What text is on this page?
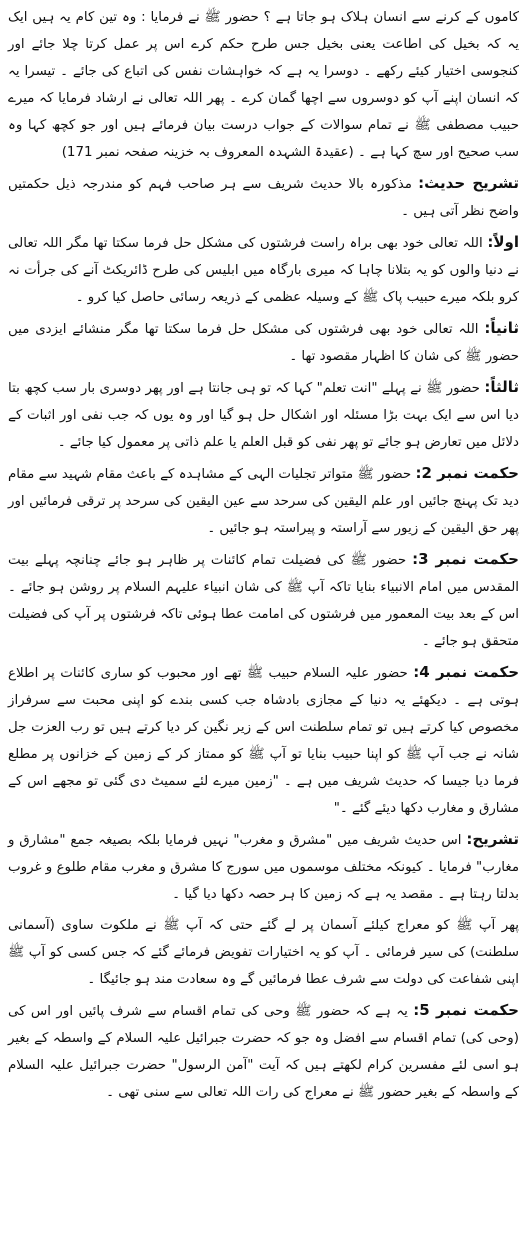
کاموں کے کرنے سے انسان ہلاک ہو جاتا ہے ؟ حضور ﷺ نے فرمایا : وہ تین کام یہ ہیں ایک یہ کہ بخیل کی اطاعت یعنی بخیل جس طرح حکم کرے اس پر عمل کرتا چلا جائے اور کنجوسی اختیار کیئے رکھے ۔ دوسرا یہ ہے کہ خواہشات نفس کی اتباع کی جائے ۔ تیسرا یہ کہ انسان اپنے آپ کو دوسروں سے اچھا گمان کرے ۔ پھر اللہ تعالی نے ارشاد فرمایا کہ میرے حبیب مصطفی ﷺ نے تمام سوالات کے جواب درست بیان فرمائے ہیں اور جو کچھ کہا وہ سب صحیح اور سچ کہا ہے ۔ (عقیدۃ الشہدہ المعروف بہ خزینہ صفحہ نمبر 171)

تشریح حدیث: مذکورہ بالا حدیث شریف سے ہر صاحب فہم کو مندرجہ ذیل حکمتیں واضح نظر آتی ہیں ۔

اولاً: اللہ تعالی خود بھی براہ راست فرشتوں کی مشکل حل فرما سکتا تھا مگر اللہ تعالی نے دنیا والوں کو یہ بتلانا چاہا کہ میری بارگاہ میں ابلیس کی طرح ڈائریکٹ آنے کی جرأت نہ کرو بلکہ میرے حبیب پاک ﷺ کے وسیلہ عظمی کے ذریعہ رسائی حاصل کیا کرو ۔

ثانیاً: اللہ تعالی خود بھی فرشتوں کی مشکل حل فرما سکتا تھا مگر منشائے ایزدی میں حضور ﷺ کی شان کا اظہار مقصود تھا ۔

ثالثاً: حضور ﷺ نے پہلے "انت تعلم" کہا کہ تو ہی جانتا ہے اور پھر دوسری بار سب کچھ بتا دیا اس سے ایک بہت بڑا مسئلہ اور اشکال حل ہو گیا اور وہ یوں کہ جب نفی اور اثبات کے دلائل میں تعارض ہو جائے تو پھر نفی کو قبل العلم یا علم ذاتی پر معمول کیا جائے ۔

حکمت نمبر 2: حضور ﷺ متواتر تجلیات الہی کے مشاہدہ کے باعث مقام شہید سے مقام دید تک پہنچ جائیں اور علم الیقین کی سرحد سے عین الیقین کی سرحد پر ترقی فرمائیں اور پھر حق الیقین کے زیور سے آراستہ و پیراستہ ہو جائیں ۔

حکمت نمبر 3: حضور ﷺ کی فضیلت تمام کائنات پر ظاہر ہو جائے چنانچہ پہلے بیت المقدس میں امام الانبیاء بنایا تاکہ آپ ﷺ کی شان انبیاء علیہم السلام پر روشن ہو جائے ۔ اس کے بعد بیت المعمور میں فرشتوں کی امامت عطا ہوئی تاکہ فرشتوں پر آپ کی فضیلت متحقق ہو جائے ۔

حکمت نمبر 4: حضور علیہ السلام حبیب ﷺ تھے اور محبوب کو ساری کائنات پر اطلاع ہوتی ہے ۔ دیکھئے یہ دنیا کے مجازی بادشاہ جب کسی بندے کو اپنی محبت سے سرفراز مخصوص کیا کرتے ہیں تو تمام سلطنت اس کے زیر نگین کر دیا کرتے ہیں تو رب العزت جل شانہ نے جب آپ ﷺ کو اپنا حبیب بنایا تو آپ ﷺ کو ممتاز کر کے زمین کے خزانوں پر مطلع فرما دیا جیسا کہ حدیث شریف میں ہے ۔ "زمین میرے لئے سمیٹ دی گئی تو مجھے اس کے مشارق و مغارب دکھا دیئے گئے ۔"

تشریح: اس حدیث شریف میں "مشرق و مغرب" نہیں فرمایا بلکہ بصیغہ جمع "مشارق و مغارب" فرمایا ۔ کیونکہ مختلف موسموں میں سورج کا مشرق و مغرب مقام طلوع و غروب بدلتا رہتا ہے ۔ مقصد یہ ہے کہ زمین کا ہر حصہ دکھا دیا گیا ۔

پھر آپ ﷺ کو معراج کیلئے آسمان پر لے گئے حتی کہ آپ ﷺ نے ملکوت ساوی (آسمانی سلطنت) کی سیر فرمائی ۔ آپ کو یہ اختیارات تفویض فرمائے گئے کہ جس کسی کو آپ ﷺ اپنی شفاعت کی دولت سے شرف عطا فرمائیں گے وہ سعادت مند ہو جائیگا ۔

حکمت نمبر 5: یہ ہے کہ حضور ﷺ وحی کی تمام اقسام سے شرف پائیں اور اس کی (وحی کی) تمام اقسام سے افضل وہ جو کہ حضرت جبرائیل علیہ السلام کے واسطہ کے بغیر ہو اسی لئے مفسرین کرام لکھتے ہیں کہ آیت "آمن الرسول" حضرت جبرائیل علیہ السلام کے واسطہ کے بغیر حضور ﷺ نے معراج کی رات اللہ تعالی سے سنی تھی ۔
